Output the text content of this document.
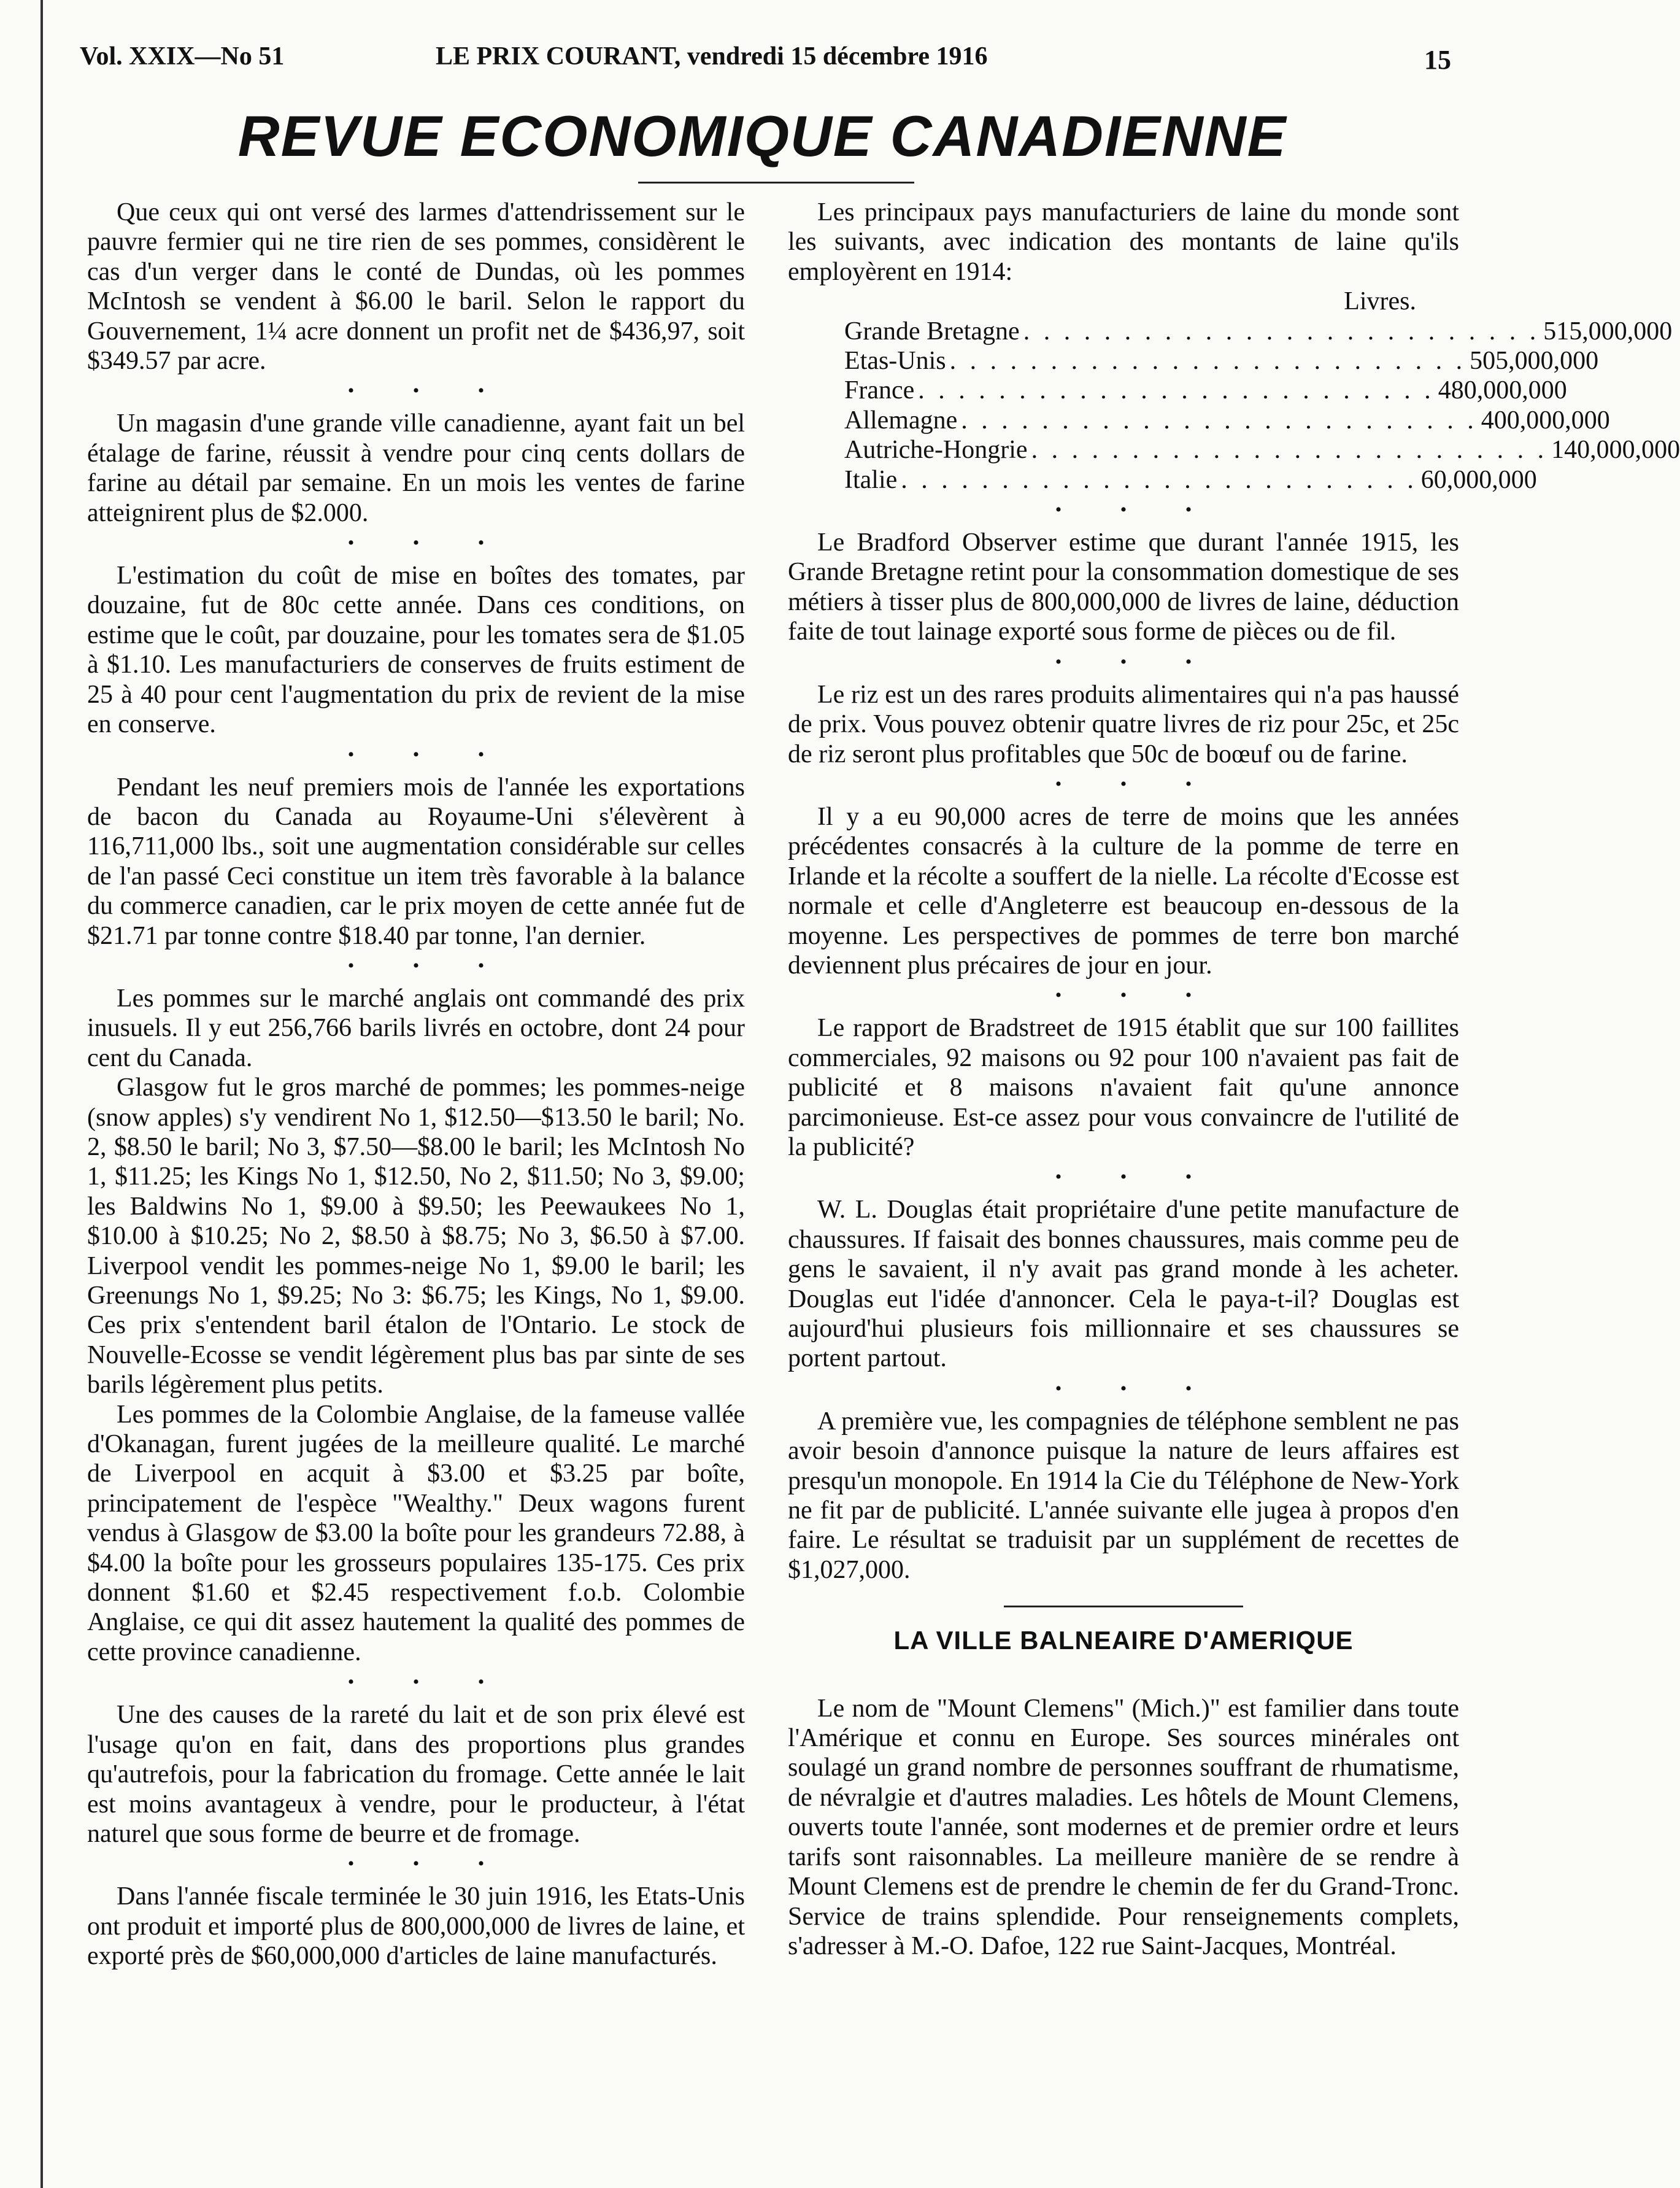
Vol. XXIX—No 51	LE PRIX COURANT, vendredi 15 décembre 1916	15
REVUE ECONOMIQUE CANADIENNE

Que ceux qui ont versé des larmes d'attendrissement sur le pauvre fermier qui ne tire rien de ses pommes, considèrent le cas d'un verger dans le conté de Dundas, où les pommes McIntosh se vendent à $6.00 le baril. Selon le rapport du Gouvernement, 1¼ acre donnent un profit net de $436,97, soit $349.57 par acre.

• • •

Un magasin d'une grande ville canadienne, ayant fait un bel étalage de farine, réussit à vendre pour cinq cents dollars de farine au détail par semaine. En un mois les ventes de farine atteignirent plus de $2.000.

• • •

L'estimation du coût de mise en boîtes des tomates, par douzaine, fut de 80c cette année. Dans ces conditions, on estime que le coût, par douzaine, pour les tomates sera de $1.05 à $1.10. Les manufacturiers de conserves de fruits estiment de 25 à 40 pour cent l'augmentation du prix de revient de la mise en conserve.

• • •

Pendant les neuf premiers mois de l'année les exportations de bacon du Canada au Royaume-Uni s'élevèrent à 116,711,000 lbs., soit une augmentation considérable sur celles de l'an passé Ceci constitue un item très favorable à la balance du commerce canadien, car le prix moyen de cette année fut de $21.71 par tonne contre $18.40 par tonne, l'an dernier.

• • •

Les pommes sur le marché anglais ont commandé des prix inusuels. Il y eut 256,766 barils livrés en octobre, dont 24 pour cent du Canada.

Glasgow fut le gros marché de pommes; les pommes-neige (snow apples) s'y vendirent No 1, $12.50—$13.50 le baril; No. 2, $8.50 le baril; No 3, $7.50—$8.00 le baril; les McIntosh No 1, $11.25; les Kings No 1, $12.50, No 2, $11.50; No 3, $9.00; les Baldwins No 1, $9.00 à $9.50; les Peewaukees No 1, $10.00 à $10.25; No 2, $8.50 à $8.75; No 3, $6.50 à $7.00. Liverpool vendit les pommes-neige No 1, $9.00 le baril; les Greenungs No 1, $9.25; No 3: $6.75; les Kings, No 1, $9.00. Ces prix s'entendent baril étalon de l'Ontario. Le stock de Nouvelle-Ecosse se vendit légèrement plus bas par sinte de ses barils légèrement plus petits.

Les pommes de la Colombie Anglaise, de la fameuse vallée d'Okanagan, furent jugées de la meilleure qualité. Le marché de Liverpool en acquit à $3.00 et $3.25 par boîte, principatement de l'espèce "Wealthy." Deux wagons furent vendus à Glasgow de $3.00 la boîte pour les grandeurs 72.88, à $4.00 la boîte pour les grosseurs populaires 135-175. Ces prix donnent $1.60 et $2.45 respectivement f.o.b. Colombie Anglaise, ce qui dit assez hautement la qualité des pommes de cette province canadienne.

• • •

Une des causes de la rareté du lait et de son prix élevé est l'usage qu'on en fait, dans des proportions plus grandes qu'autrefois, pour la fabrication du fromage. Cette année le lait est moins avantageux à vendre, pour le producteur, à l'état naturel que sous forme de beurre et de fromage.

• • •

Dans l'année fiscale terminée le 30 juin 1916, les Etats-Unis ont produit et importé plus de 800,000,000 de livres de laine, et exporté près de $60,000,000 d'articles de laine manufacturés.

Les principaux pays manufacturiers de laine du monde sont les suivants, avec indication des montants de laine qu'ils employèrent en 1914:

Livres.
Grande Bretagne . . . . . . . . . . . . . . . . . . . . . . . . . . 515,000,000
Etas-Unis . . . . . . . . . . . . . . . . . . . . . . . . . . 505,000,000
France . . . . . . . . . . . . . . . . . . . . . . . . . . 480,000,000
Allemagne . . . . . . . . . . . . . . . . . . . . . . . . . . 400,000,000
Autriche-Hongrie . . . . . . . . . . . . . . . . . . . . . . . . . . 140,000,000
Italie . . . . . . . . . . . . . . . . . . . . . . . . . . 60,000,000
• • •

Le Bradford Observer estime que durant l'année 1915, les Grande Bretagne retint pour la consommation domestique de ses métiers à tisser plus de 800,000,000 de livres de laine, déduction faite de tout lainage exporté sous forme de pièces ou de fil.

• • •

Le riz est un des rares produits alimentaires qui n'a pas haussé de prix. Vous pouvez obtenir quatre livres de riz pour 25c, et 25c de riz seront plus profitables que 50c de boœuf ou de farine.

• • •

Il y a eu 90,000 acres de terre de moins que les années précédentes consacrés à la culture de la pomme de terre en Irlande et la récolte a souffert de la nielle. La récolte d'Ecosse est normale et celle d'Angleterre est beaucoup en-dessous de la moyenne. Les perspectives de pommes de terre bon marché deviennent plus précaires de jour en jour.

• • •

Le rapport de Bradstreet de 1915 établit que sur 100 faillites commerciales, 92 maisons ou 92 pour 100 n'avaient pas fait de publicité et 8 maisons n'avaient fait qu'une annonce parcimonieuse. Est-ce assez pour vous convaincre de l'utilité de la publicité?

• • •

W. L. Douglas était propriétaire d'une petite manufacture de chaussures. If faisait des bonnes chaussures, mais comme peu de gens le savaient, il n'y avait pas grand monde à les acheter. Douglas eut l'idée d'annoncer. Cela le paya-t-il? Douglas est aujourd'hui plusieurs fois millionnaire et ses chaussures se portent partout.

• • •

A première vue, les compagnies de téléphone semblent ne pas avoir besoin d'annonce puisque la nature de leurs affaires est presqu'un monopole. En 1914 la Cie du Téléphone de New-York ne fit par de publicité. L'année suivante elle jugea à propos d'en faire. Le résultat se traduisit par un supplément de recettes de $1,027,000.

LA VILLE BALNEAIRE D'AMERIQUE

Le nom de "Mount Clemens" (Mich.)" est familier dans toute l'Amérique et connu en Europe. Ses sources minérales ont soulagé un grand nombre de personnes souffrant de rhumatisme, de névralgie et d'autres maladies. Les hôtels de Mount Clemens, ouverts toute l'année, sont modernes et de premier ordre et leurs tarifs sont raisonnables. La meilleure manière de se rendre à Mount Clemens est de prendre le chemin de fer du Grand-Tronc. Service de trains splendide. Pour renseignements complets, s'adresser à M.-O. Dafoe, 122 rue Saint-Jacques, Montréal.
